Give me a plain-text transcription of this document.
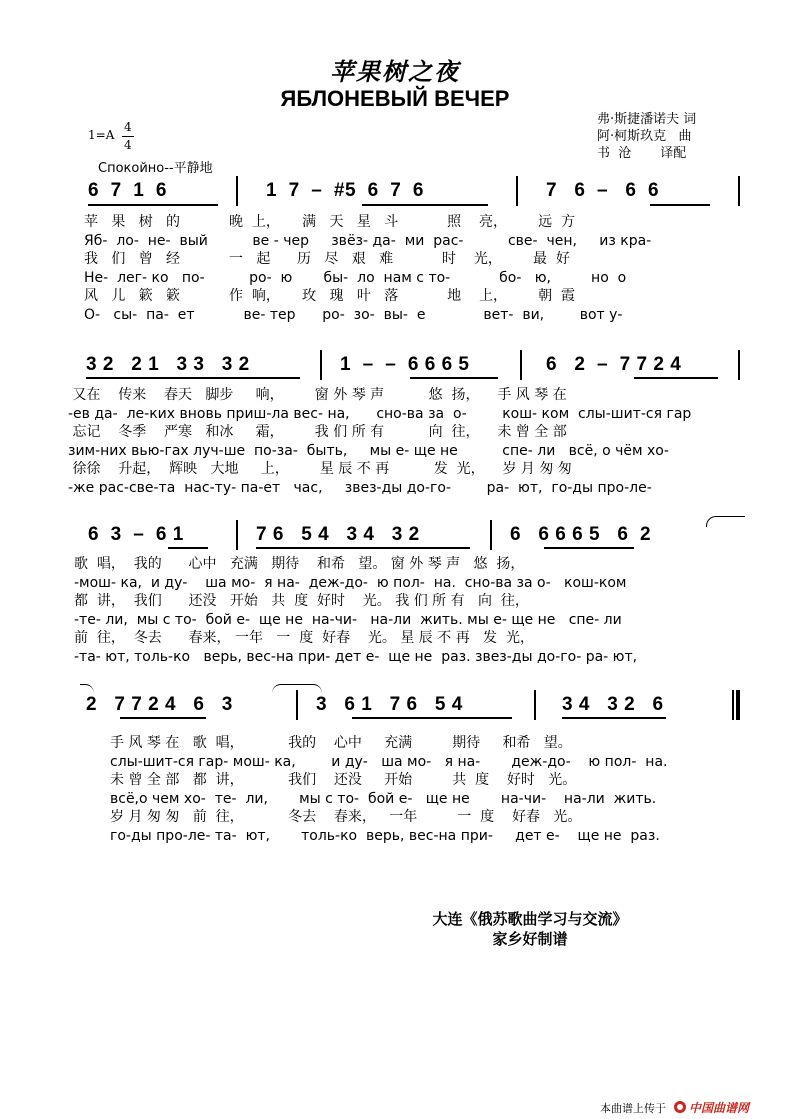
苹果树之夜
ЯБЛОНЕВЫЙ ВЕЧЕР
弗·斯捷潘诺夫 词
阿·柯斯玖克   曲
书  沧       译配
1=A
4
4
Спокойно--平静地
6  7  1  6	1  7  –  #5  6  7  6	7   6  –   6  6
苹   果   树   的           晚  上，     满   天   星   斗           照    亮，       远  方
Яб-  ло-  не-  вый          ве - чер     звёз- да-  ми  рас-          све-  чен,     из кра-
我   们   曾   经           一   起      历   尽   艰   难           时    光，       最  好
Не-  лег- ко   по-          ро-  ю       бы-  ло  нам с то-           бо-   ю,         но  о
风   儿   簌   簌           作  响，     玫   瑰   叶   落           地    上，       朝  霞
О-   сы-  па-  ет           ве- тер      ро-  зо-  вы-  е             вет-  ви,        вот у-
3 2   2 1   3 3   3 2	1  –  –  6 6 6 5	6   2  –  7 7 2 4
又在    传来    春天   脚步     响，       窗 外 琴 声          悠  扬，    手 风 琴 在
-ев да-  ле-ких вновь приш-ла вес- на,      сно-ва за  о-        кош- ком  слы-шит-ся гар
忘记    冬季    严寒   和冰     霜，       我 们 所 有          向  往，    未 曾 全 部
зим-них вью-гах луч-ше  по-за-  быть,     мы е- ще не          спе- ли   всё, о чём хо-
徐徐    升起，  辉映   大地     上，       星 辰 不 再          发  光，    岁 月 匆 匆
-же рас-све-та  нас-ту- па-ет   час,     звез-ды до-го-        ра-  ют,  го-ды про-ле-
6  3  –  6 1	7 6   5 4   3 4   3 2	6   6 6 6 5   6  2
歌  唱，  我的      心中   充满   期待    和希   望。 窗 外 琴 声   悠  扬，
-мош- ка,  и ду-    ша мо-  я на-  деж-до-  ю пол-  на.  сно-ва за о-   кош-ком
都  讲，  我们      还没   开始   共  度  好时    光。 我 们 所 有   向  往，
-те- ли,  мы с то-  бой е-  ще не  на-чи-   на-ли  жить. мы е- ще не   спе- ли
前  往，  冬去      春来， 一年   一  度  好春    光。 星 辰 不 再   发  光，
-та- ют, толь-ко   верь, вес-на при- дет е-  ще не  раз. звез-ды до-го- ра- ют,
2   7 7 2 4   6   3	3   6 1   7 6   5 4	3 4   3 2   6
手 风 琴 在   歌  唱，          我的    心中     充满         期待     和希   望。
слы-шит-ся гар- мош- ка,        и ду-   ша мо-   я на-       деж-до-    ю пол-  на.
未 曾 全 部   都  讲，          我们    还没     开始         共  度    好时   光。
всё,о чем хо-  те-  ли,       мы с то-  бой е-   ще не       на-чи-    на-ли  жить.
岁 月 匆 匆   前  往，          冬去    春来，   一年         一  度    好春   光。
го-ды про-ле- та-  ют,       толь-ко  верь, вес-на при-     дет е-    ще не  раз.
大连《俄苏歌曲学习与交流》
家乡好制谱
本曲谱上传于 中国曲谱网
